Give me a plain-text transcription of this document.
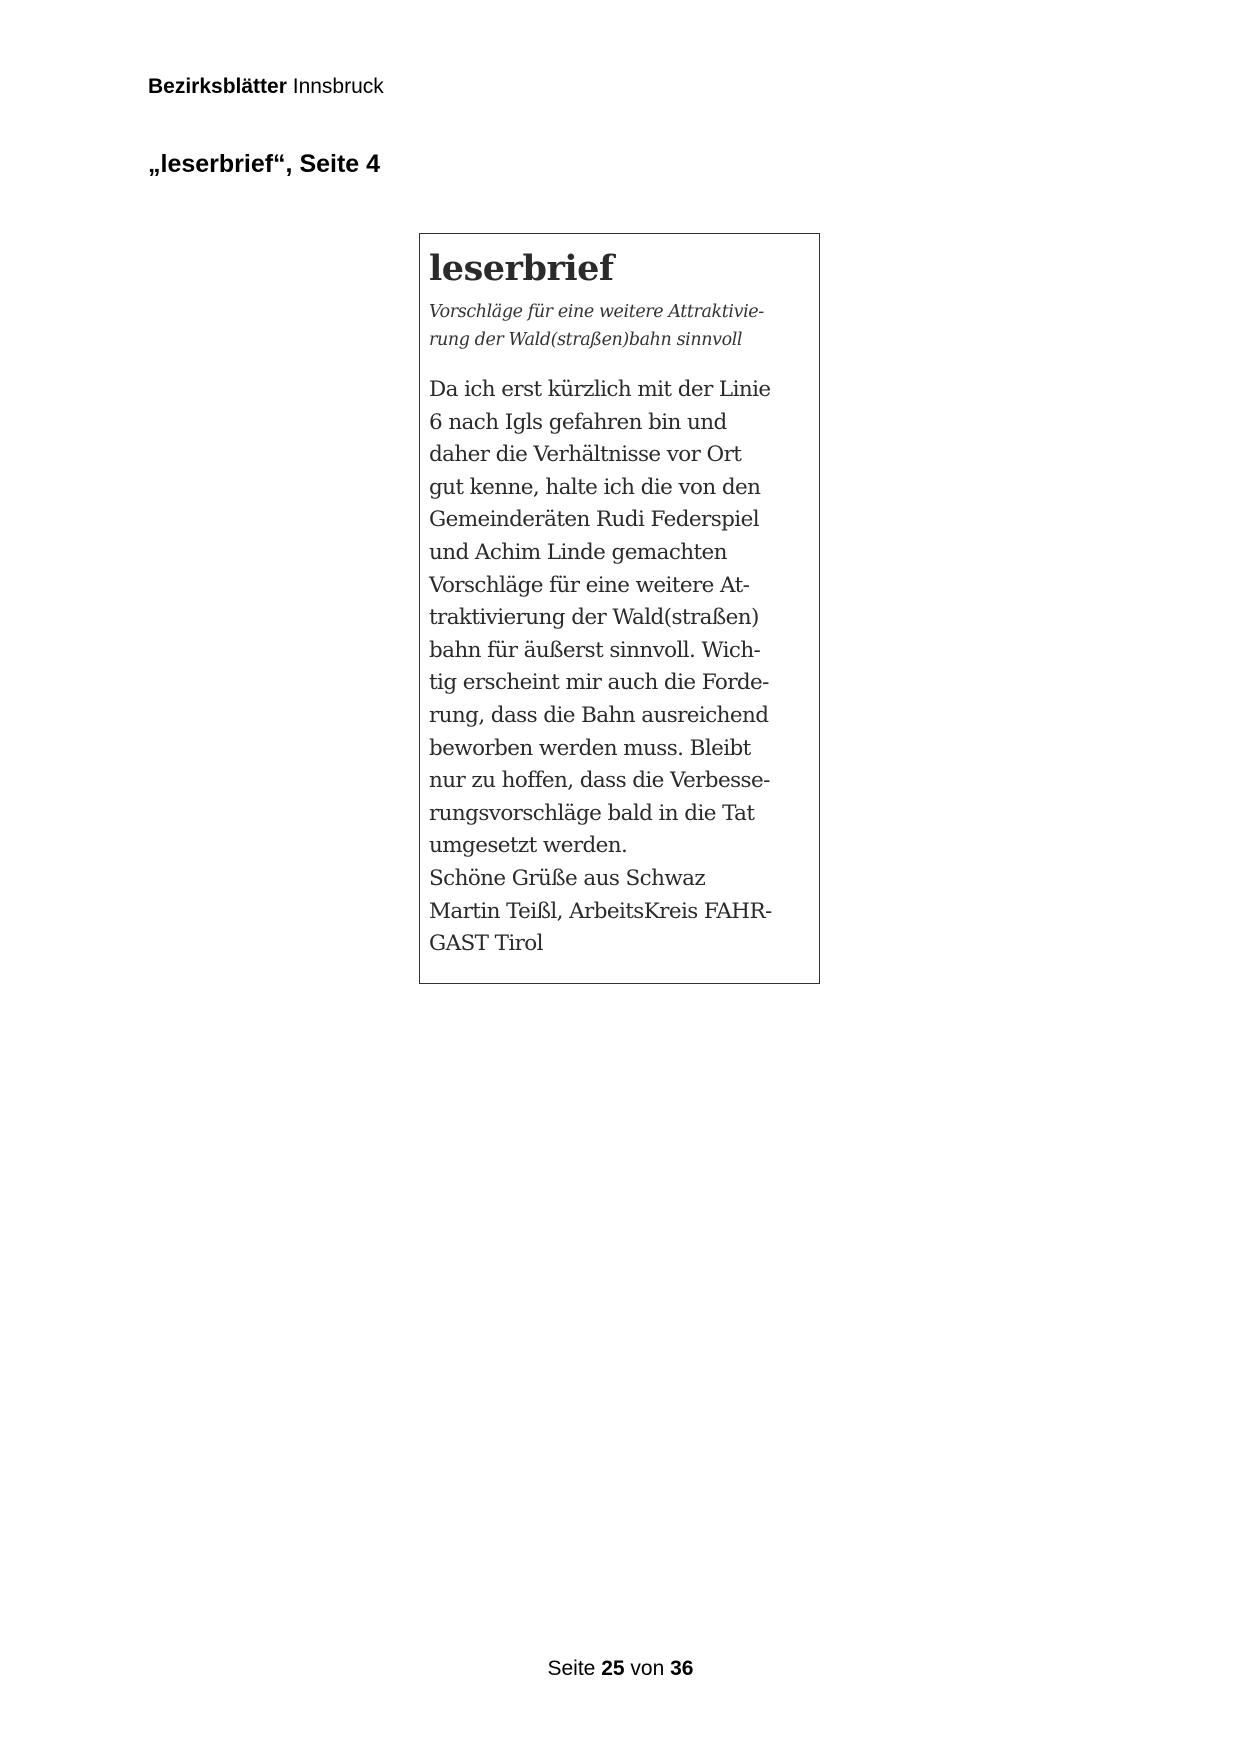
Bezirksblätter Innsbruck
„leserbrief“, Seite 4
leserbrief
Vorschläge für eine weitere Attraktivie- rung der Wald(straßen)bahn sinnvoll
Da ich erst kürzlich mit der Linie
6 nach Igls gefahren bin und
daher die Verhältnisse vor Ort
gut kenne, halte ich die von den
Gemeinderäten Rudi Federspiel
und Achim Linde gemachten
Vorschläge für eine weitere At-
traktivierung der Wald(straßen)
bahn für äußerst sinnvoll. Wich-
tig erscheint mir auch die Forde-
rung, dass die Bahn ausreichend
beworben werden muss. Bleibt
nur zu hoffen, dass die Verbesse-
rungsvorschläge bald in die Tat
umgesetzt werden.
Schöne Grüße aus Schwaz
Martin Teißl, ArbeitsKreis FAHR-
GAST Tirol
Seite 25 von 36
